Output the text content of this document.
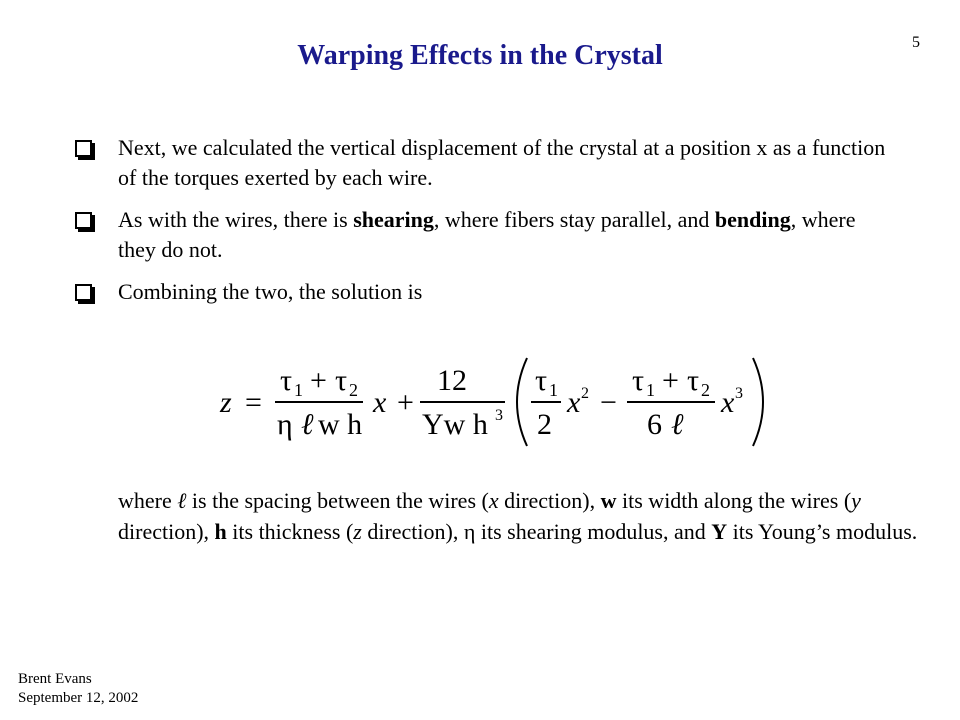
Warping Effects in the Crystal	5
Next, we calculated the vertical displacement of the crystal at a position x as a function of the torques exerted by each wire.
As with the wires, there is shearing, where fibers stay parallel, and bending, where they do not.
Combining the two, the solution is
z =
τ 1 + τ 2
η ℓ w h
x +
12
Yw h 3
τ 1
2
x 2 −
τ 1 + τ 2
6 ℓ
x 3
where ℓ is the spacing between the wires (x direction), w its width along the wires (y direction), h its thickness (z direction), η its shearing modulus, and Y its Young’s modulus.
Brent Evans
September 12, 2002
